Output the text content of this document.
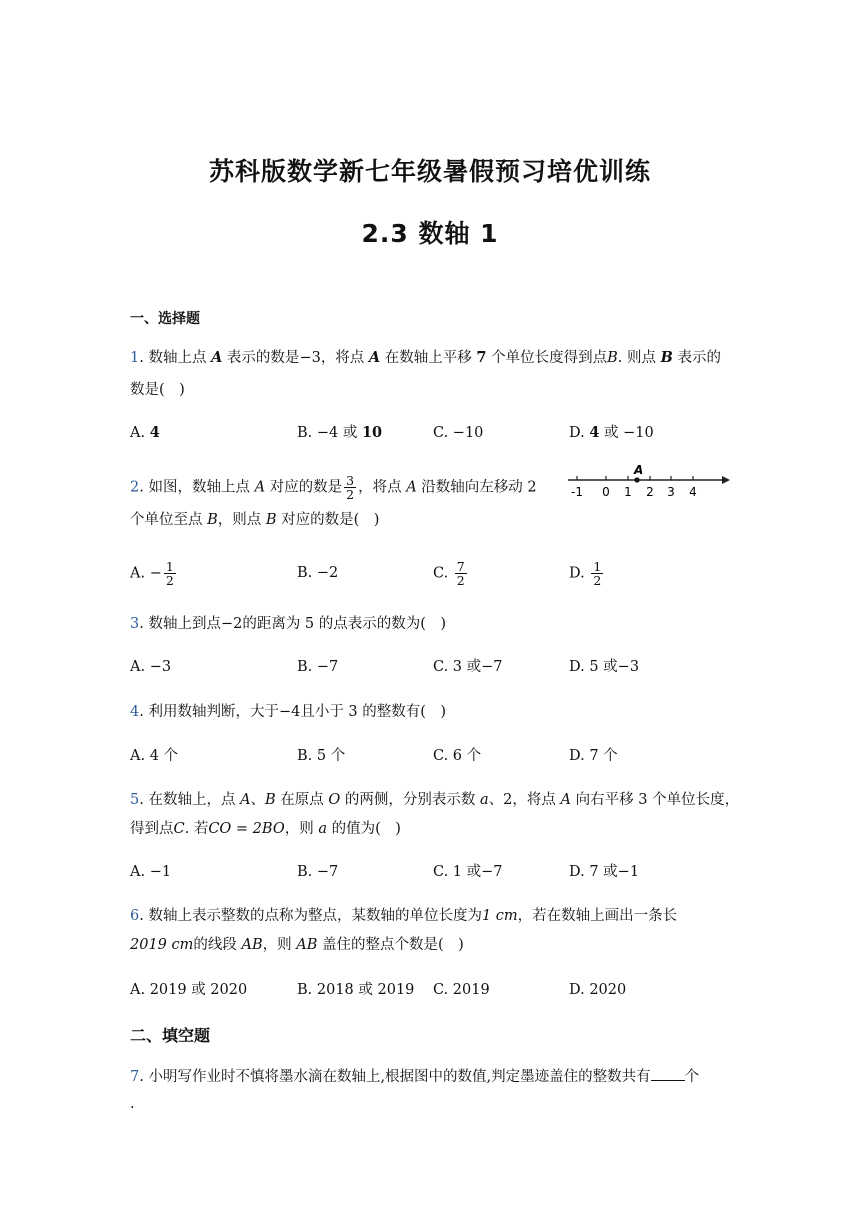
苏科版数学新七年级暑假预习培优训练
2.3 数轴 1
一、选择题
1. 数轴上点 A 表示的数是−3，将点 A 在数轴上平移 7 个单位长度得到点B. 则点 B 表示的
数是(　)
A. 4	B. −4 或 10	C. −10	D. 4 或 −10
2. 如图，数轴上点 A 对应的数是 $\frac{3}{2}$ ，将点 A 沿数轴向左移动 2
个单位至点 B，则点 B 对应的数是(　)
A
-1 0 1 2 3 4
A. − $\frac{1}{2}$	B. −2	C. $\frac{7}{2}$	D. $\frac{1}{2}$
3. 数轴上到点−2的距离为 5 的点表示的数为(　)
A. −3	B. −7	C. 3 或−7	D. 5 或−3
4. 利用数轴判断，大于−4且小于 3 的整数有(　)
A. 4 个	B. 5 个	C. 6 个	D. 7 个
5. 在数轴上，点 A、B 在原点 O 的两侧，分别表示数 a、2，将点 A 向右平移 3 个单位长度，
得到点C. 若CO = 2BO，则 a 的值为(　)
A. −1	B. −7	C. 1 或−7	D. 7 或−1
6. 数轴上表示整数的点称为整点，某数轴的单位长度为1 cm，若在数轴上画出一条长
2019 cm的线段 AB，则 AB 盖住的整点个数是(　)
A. 2019 或 2020	B. 2018 或 2019 C. 2019	D. 2020
二、填空题
7. 小明写作业时不慎将墨水滴在数轴上,根据图中的数值,判定墨迹盖住的整数共有 个
.
